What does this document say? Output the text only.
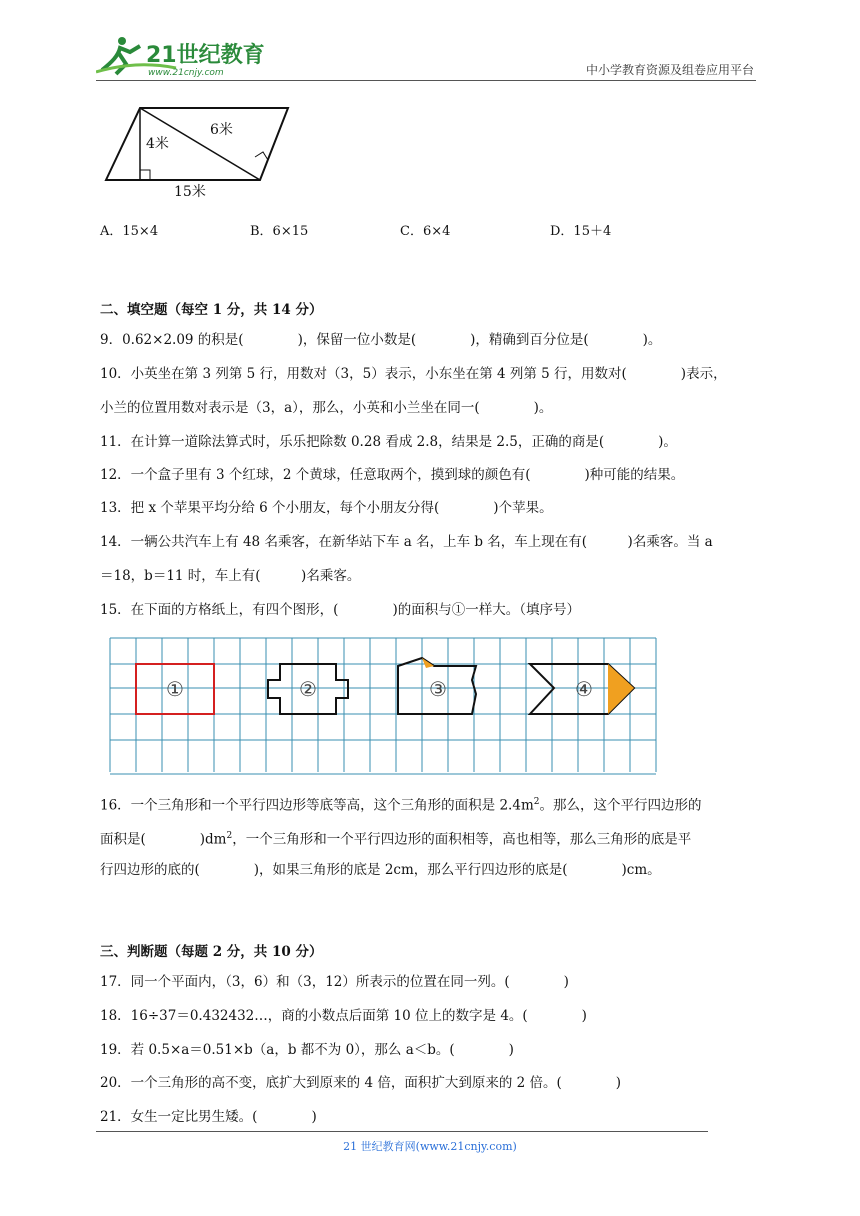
21世纪教育
www.21cnjy.com	中小学教育资源及组卷应用平台
4米
6米
15米
A．15×4	B．6×15	C．6×4	D．15＋4
二、填空题（每空 1 分，共 14 分）
9．0.62×2.09 的积是(　　　　)，保留一位小数是(　　　　)，精确到百分位是(　　　　)。
10．小英坐在第 3 列第 5 行，用数对（3，5）表示，小东坐在第 4 列第 5 行，用数对(　　　　)表示，
小兰的位置用数对表示是（3，a），那么，小英和小兰坐在同一(　　　　)。
11．在计算一道除法算式时，乐乐把除数 0.28 看成 2.8，结果是 2.5，正确的商是(　　　　)。
12．一个盒子里有 3 个红球，2 个黄球，任意取两个，摸到球的颜色有(　　　　)种可能的结果。
13．把 x 个苹果平均分给 6 个小朋友，每个小朋友分得(　　　　)个苹果。
14．一辆公共汽车上有 48 名乘客，在新华站下车 a 名，上车 b 名，车上现在有(　　　)名乘客。当 a
＝18，b＝11 时，车上有(　　　)名乘客。
15．在下面的方格纸上，有四个图形，(　　　　)的面积与①一样大。（填序号）
①	②	③	④
16．一个三角形和一个平行四边形等底等高，这个三角形的面积是 $2.4m^2$。那么，这个平行四边形的
面积是(　　　　)$dm^2$，一个三角形和一个平行四边形的面积相等，高也相等，那么三角形的底是平
行四边形的底的(　　　　)，如果三角形的底是 2cm，那么平行四边形的底是(　　　　)cm。
三、判断题（每题 2 分，共 10 分）
17．同一个平面内，（3，6）和（3，12）所表示的位置在同一列。(　　　　)
18．16÷37＝0.432432…，商的小数点后面第 10 位上的数字是 4。(　　　　)
19．若 0.5×a＝0.51×b（a，b 都不为 0），那么 a＜b。(　　　　)
20．一个三角形的高不变，底扩大到原来的 4 倍，面积扩大到原来的 2 倍。(　　　　)
21．女生一定比男生矮。(　　　　)
21 世纪教育网(www.21cnjy.com)
